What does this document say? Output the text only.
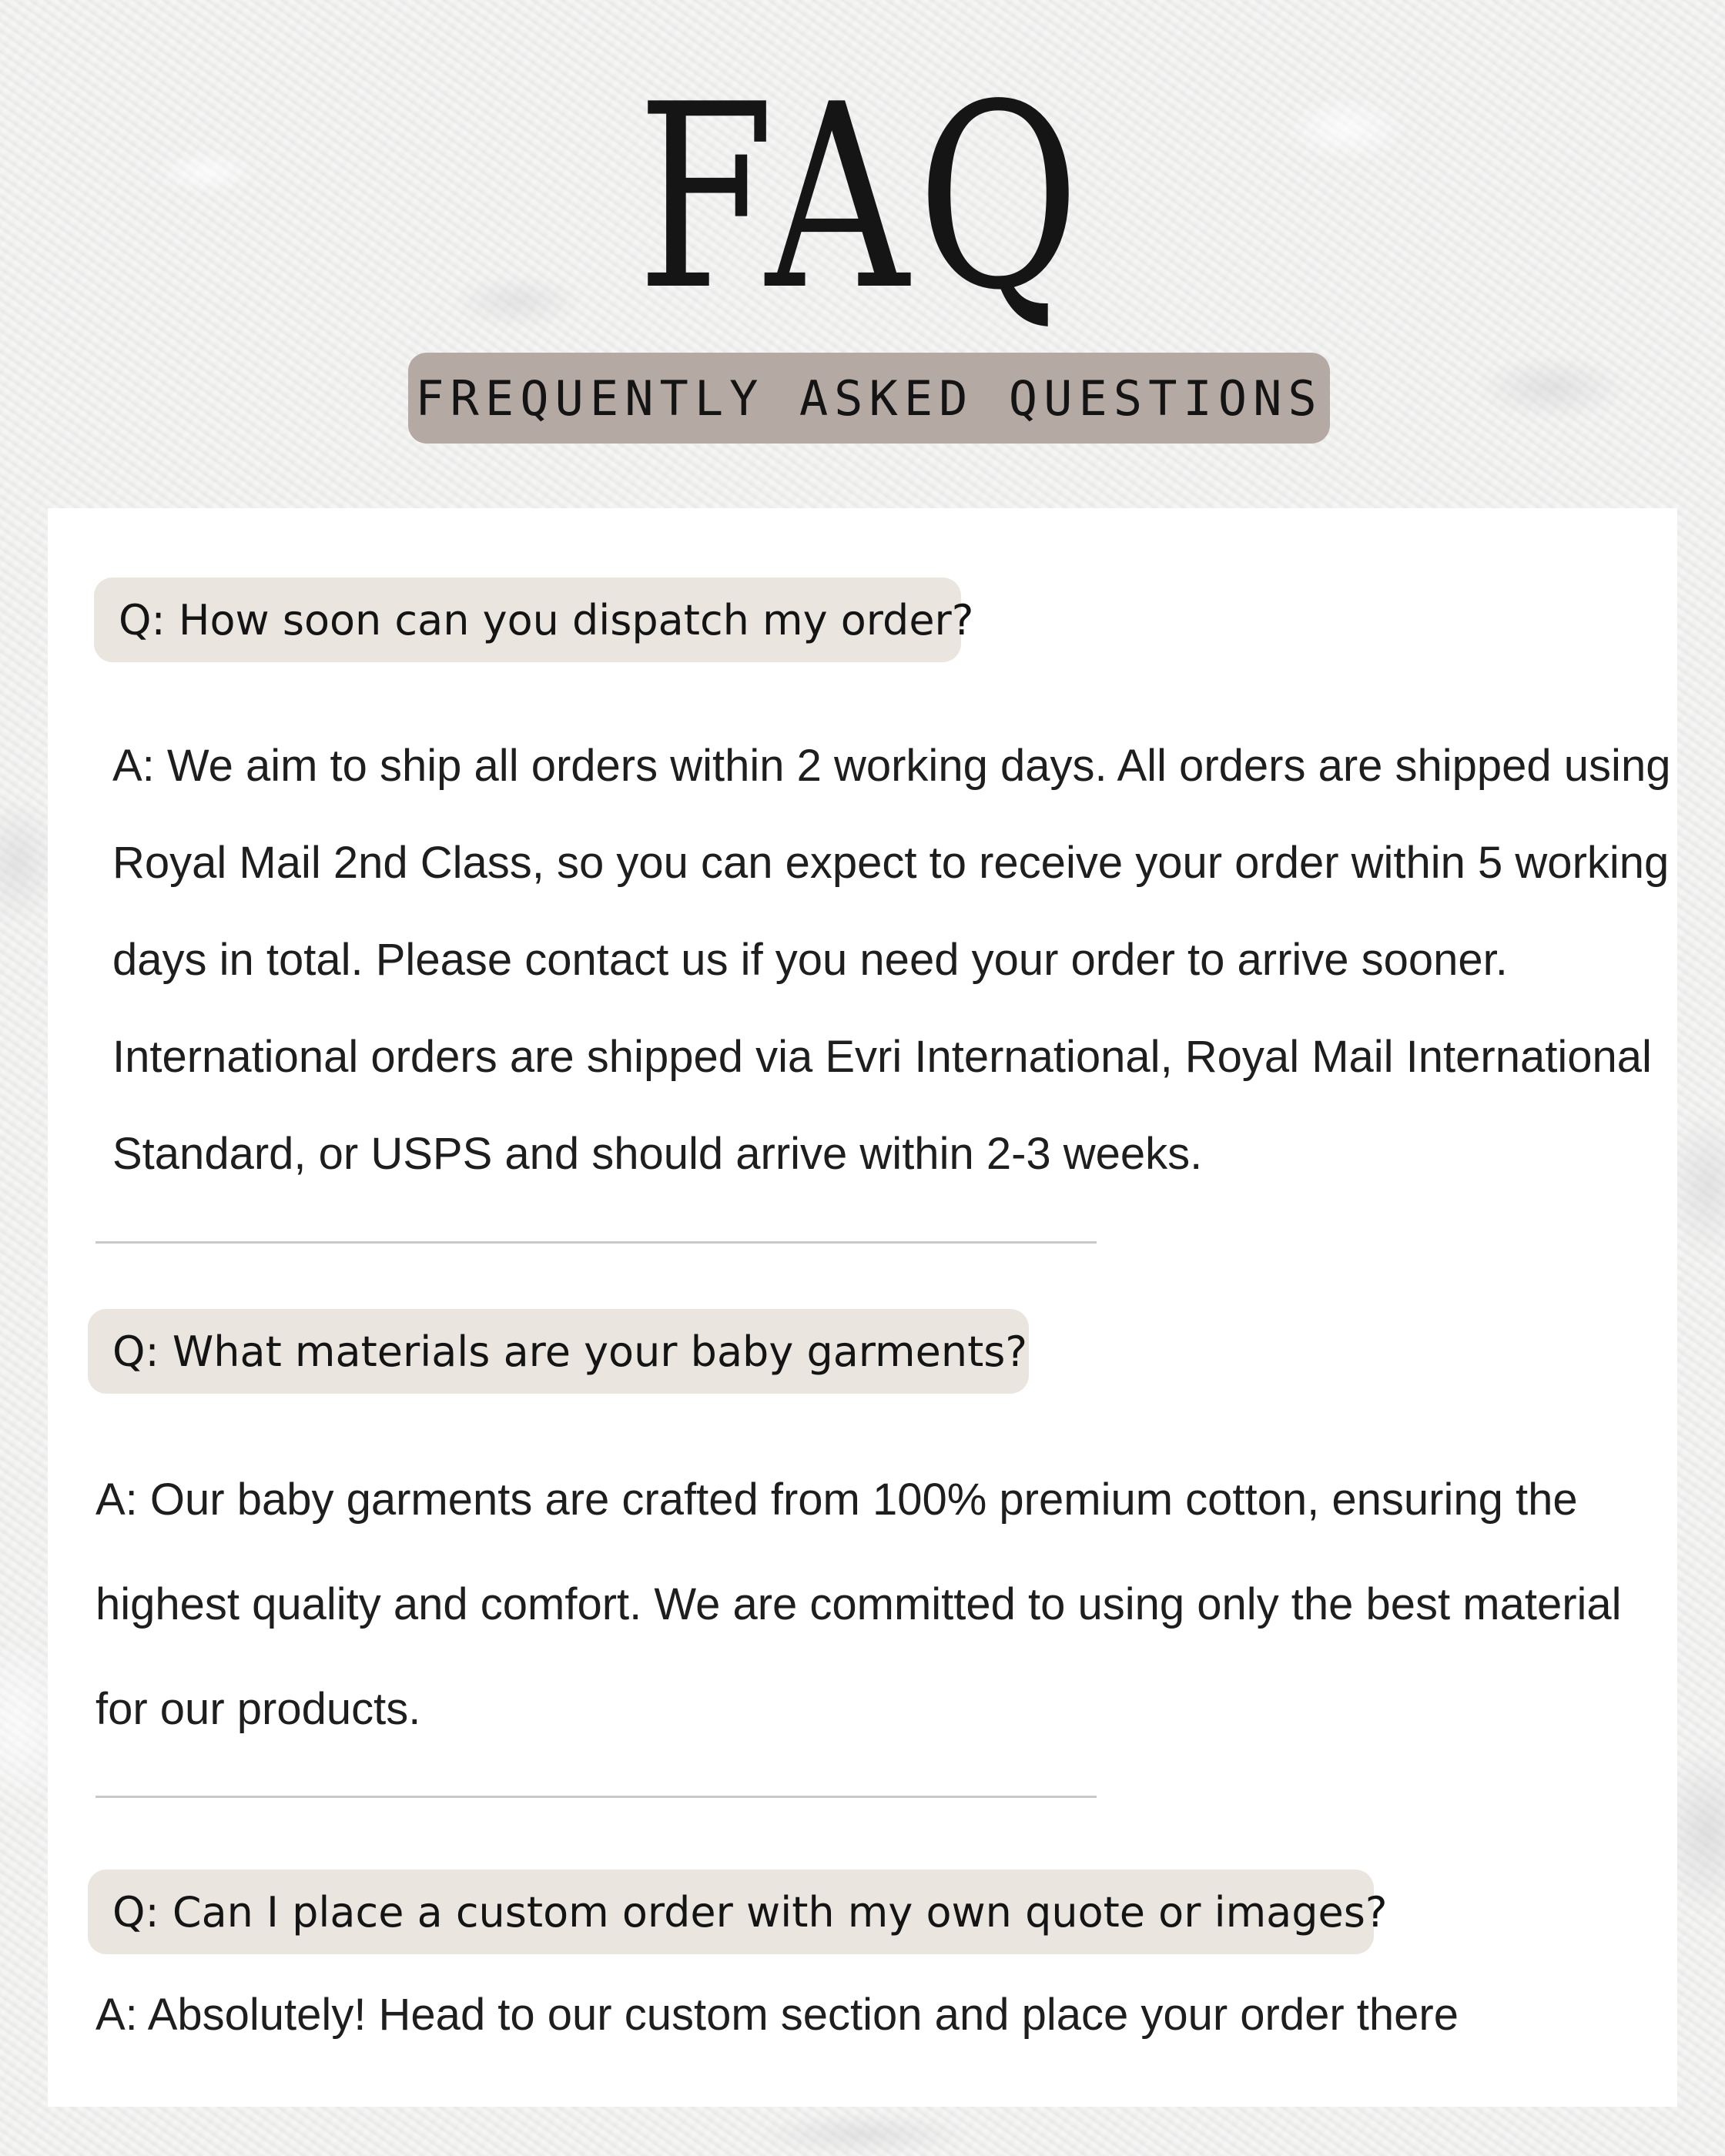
FAQ
FREQUENTLY ASKED QUESTIONS
Q: How soon can you dispatch my order?

A: We aim to ship all orders within 2 working days. All orders are shipped using Royal Mail 2nd Class, so you can expect to receive your order within 5 working days in total. Please contact us if you need your order to arrive sooner. International orders are shipped via Evri International, Royal Mail International Standard, or USPS and should arrive within 2-3 weeks.

Q: What materials are your baby garments?

A: Our baby garments are crafted from 100% premium cotton, ensuring the highest quality and comfort. We are committed to using only the best material for our products.

Q: Can I place a custom order with my own quote or images?

A: Absolutely! Head to our custom section and place your order there
